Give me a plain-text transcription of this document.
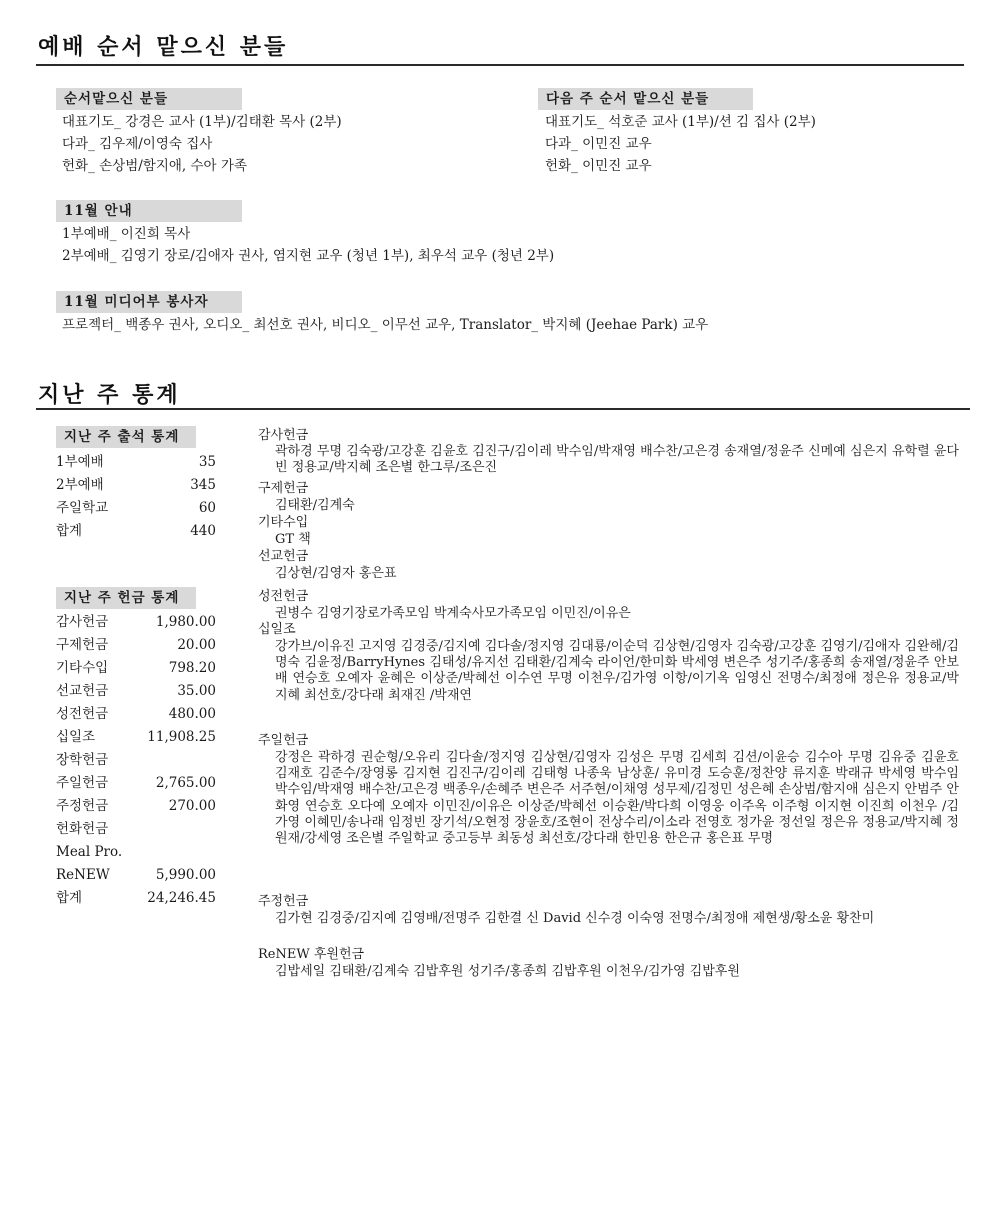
예배 순서 맡으신 분들
순서맡으신 분들
대표기도_ 강경은 교사 (1부)/김태환 목사 (2부)
다과_ 김우제/이영숙 집사
헌화_ 손상범/함지애, 수아 가족
다음 주 순서 맡으신 분들
대표기도_ 석호준 교사 (1부)/션 김 집사 (2부)
다과_ 이민진 교우
헌화_ 이민진 교우
11월 안내
1부예배_ 이진희 목사
2부예배_ 김영기 장로/김애자 권사, 염지현 교우 (청년 1부), 최우석 교우 (청년 2부)
11월 미디어부 봉사자
프로젝터_ 백종우 권사, 오디오_ 최선호 권사, 비디오_ 이무선 교우, Translator_ 박지혜 (Jeehae Park) 교우
지난 주 통계
지난 주 출석 통계
1부예배	35
2부예배	345
주일학교	60
합계	440
지난 주 헌금 통계
감사헌금	1,980.00
구제헌금	20.00
기타수입	798.20
선교헌금	35.00
성전헌금	480.00
십일조	11,908.25
장학헌금
주일헌금	2,765.00
주정헌금	270.00
헌화헌금
Meal Pro.
ReNEW	5,990.00
합계	24,246.45
감사헌금
곽하경 무명 김숙광/고강훈 김윤호 김진구/김이레 박수임/박재영 배수찬/고은경 송재열/정윤주 신메예 심은지 유학렬 윤다빈 정용교/박지혜 조은별 한그루/조은진
구제헌금
김태환/김계숙
기타수입
GT 책
선교헌금
김상현/김영자 홍은표
성전헌금
권병수 김영기장로가족모임 박계숙사모가족모임 이민진/이유은
십일조
강가브/이유진 고지영 김경중/김지예 김다솔/정지영 김대룡/이순덕 김상현/김영자 김숙광/고강훈 김영기/김애자 김완해/김명숙 김윤정/BarryHynes 김태성/유지선 김태환/김계숙 라이언/한미화 박세영 변은주 성기주/홍종희 송재열/정윤주 안보배 연승호 오예자 윤혜은 이상준/박혜선 이수연 무명 이천우/김가영 이항/이기옥 임영신 전명수/최정애 정은유 정용교/박지혜 최선호/강다래 최재진 /박재연
주일헌금
강정은 곽하경 권순형/오유리 김다솔/정지영 김상현/김영자 김성은 무명 김세희 김션/이윤승 김수아 무명 김유중 김윤호 김재호 김준수/장영롱 김지현 김진구/김이레 김태형 나종욱 남상훈/ 유미경 도승훈/정찬양 류지훈 박래규 박세영 박수임 박수임/박재영 배수찬/고은경 백종우/손혜주 변은주 서주현/이채영 성무제/김정민 성은혜 손상범/함지애 심은지 안범주 안화영 연승호 오다예 오예자 이민진/이유은 이상준/박혜선 이승환/박다희 이영웅 이주옥 이주형 이지현 이진희 이천우 /김가영 이혜민/송나래 임정빈 장기석/오현정 장윤호/조현이 전상수리/이소라 전영호 정가윤 정선일 정은유 정용교/박지혜 정원재/강세영 조은별 주일학교 중고등부 최동성 최선호/강다래 한민용 한은규 홍은표 무명
주정헌금
김가현 김경중/김지예 김영배/전명주 김한결 신 David 신수경 이숙영 전명수/최정애 제현생/황소윤 황찬미
ReNEW 후원헌금
김밥세일 김태환/김계숙 김밥후원 성기주/홍종희 김밥후원 이천우/김가영 김밥후원
